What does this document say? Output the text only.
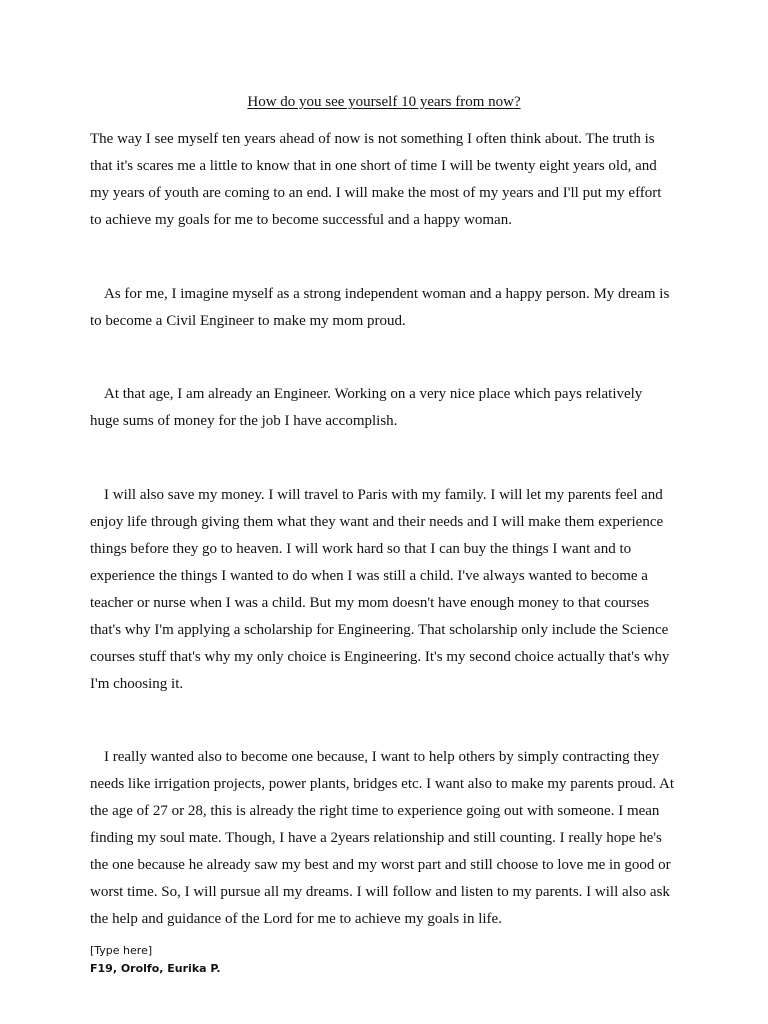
How do you see yourself 10 years from now?
The way I see myself ten years ahead of now is not something I often think about. The truth is
that it's scares me a little to know that in one short of time I will be twenty eight years old, and
my years of youth are coming to an end. I will make the most of my years and I'll put my effort
to achieve my goals for me to become successful and a happy woman.
As for me, I imagine myself as a strong independent woman and a happy person. My dream is
to become a Civil Engineer to make my mom proud.
At that age, I am already an Engineer. Working on a very nice place which pays relatively
huge sums of money for the job I have accomplish.
I will also save my money. I will travel to Paris with my family. I will let my parents feel and
enjoy life through giving them what they want and their needs and I will make them experience
things before they go to heaven. I will work hard so that I can buy the things I want and to
experience the things I wanted to do when I was still a child. I've always wanted to become a
teacher or nurse when I was a child. But my mom doesn't have enough money to that courses
that's why I'm applying a scholarship for Engineering. That scholarship only include the Science
courses stuff that's why my only choice is Engineering. It's my second choice actually that's why
I'm choosing it.
I really wanted also to become one because, I want to help others by simply contracting they
needs like irrigation projects, power plants, bridges etc. I want also to make my parents proud. At
the age of 27 or 28, this is already the right time to experience going out with someone. I mean
finding my soul mate. Though, I have a 2years relationship and still counting. I really hope he's
the one because he already saw my best and my worst part and still choose to love me in good or
worst time. So, I will pursue all my dreams. I will follow and listen to my parents. I will also ask
the help and guidance of the Lord for me to achieve my goals in life.
[Type here]
F19, Orolfo, Eurika P.
